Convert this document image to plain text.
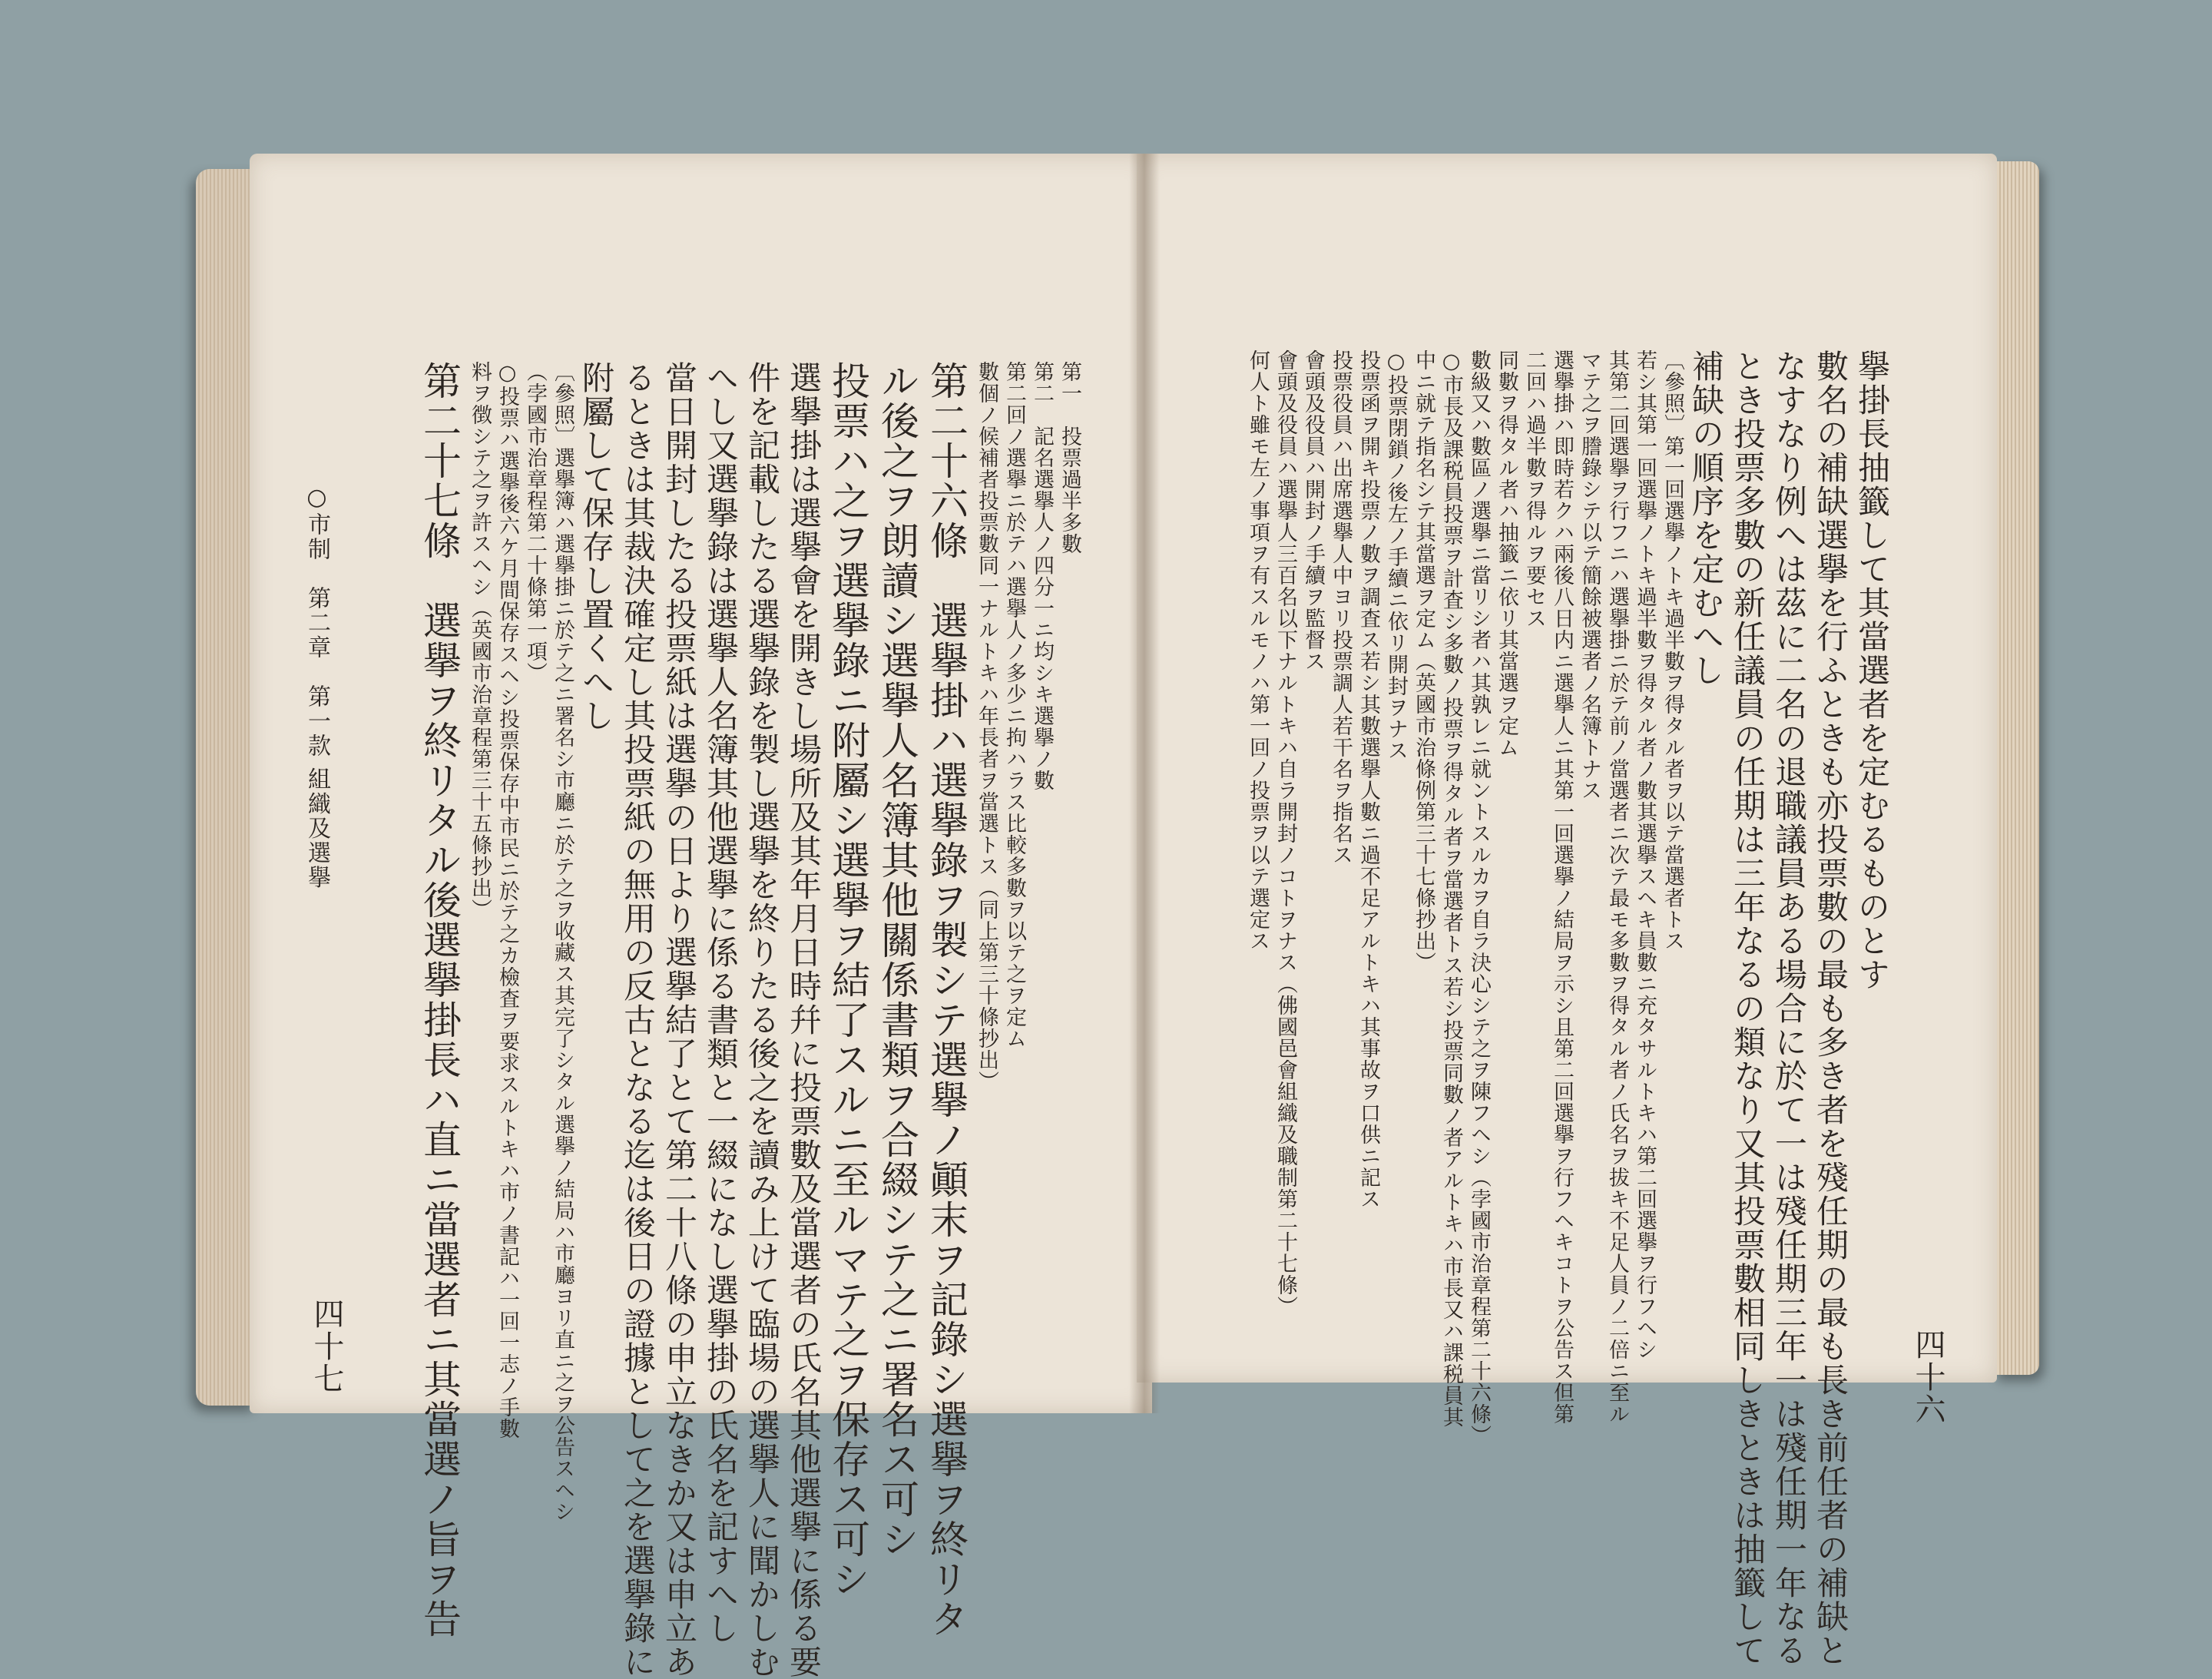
第一　投票過半多數
第二　記名選擧人ノ四分一ニ均シキ選擧ノ數
第二回ノ選擧ニ於テハ選擧人ノ多少ニ拘ハラス比較多數ヲ以テ之ヲ定ム
數個ノ候補者投票數同一ナルトキハ年長者ヲ當選トス（同上第三十條抄出）
第二十六條　選擧掛ハ選擧錄ヲ製シテ選擧ノ顚末ヲ記錄シ選擧ヲ終リタ
ル後之ヲ朗讀シ選擧人名簿其他關係書類ヲ合綴シテ之ニ署名ス可シ
投票ハ之ヲ選擧錄ニ附屬シ選擧ヲ結了スルニ至ルマテ之ヲ保存ス可シ
選擧掛は選擧會を開きし場所及其年月日時幷に投票數及當選者の氏名其他選擧に係る要
件を記載したる選擧錄を製し選擧を終りたる後之を讀み上けて臨場の選擧人に聞かしむ
へし又選擧錄は選擧人名簿其他選擧に係る書類と一綴になし選擧掛の氏名を記すへし
當日開封したる投票紙は選擧の日より選擧結了とて第二十八條の申立なきか又は申立あ
るときは其裁決確定し其投票紙の無用の反古となる迄は後日の證據として之を選擧錄に
附屬して保存し置くへし
〔參照〕選擧簿ハ選擧掛ニ於テ之ニ署名シ市廳ニ於テ之ヲ收藏ス其完了シタル選擧ノ結局ハ市廳ヨリ直ニ之ヲ公告スヘシ
（孛國市治章程第二十條第一項）
○投票ハ選擧後六ケ月間保存スヘシ投票保存中市民ニ於テ之カ檢査ヲ要求スルトキハ市ノ書記ハ一回一志ノ手數
料ヲ徴シテ之ヲ許スヘシ（英國市治章程第三十五條抄出）
第二十七條　選擧ヲ終リタル後選擧掛長ハ直ニ當選者ニ其當選ノ旨ヲ告
四十七
○市制　第二章　第一款 組織及選擧	擧掛長抽籤して其當選者を定むるものとす
數名の補缺選擧を行ふときも亦投票數の最も多き者を殘任期の最も長き前任者の補缺と
なすなり例へは茲に二名の退職議員ある場合に於て一は殘任期三年一は殘任期一年なる
とき投票多數の新任議員の任期は三年なるの類なり又其投票數相同しきときは抽籤して
補缺の順序を定むへし
〔參照〕第一回選擧ノトキ過半數ヲ得タル者ヲ以テ當選者トス
若シ其第一回選擧ノトキ過半數ヲ得タル者ノ數其選擧スヘキ員數ニ充タサルトキハ第二回選擧ヲ行フヘシ
其第二回選擧ヲ行フニハ選擧掛ニ於テ前ノ當選者ニ次テ最モ多數ヲ得タル者ノ氏名ヲ拔キ不足人員ノ二倍ニ至ル
マテ之ヲ謄錄シテ以テ簡餘被選者ノ名簿トナス
選擧掛ハ即時若クハ兩後八日内ニ選擧人ニ其第一回選擧ノ結局ヲ示シ且第二回選擧ヲ行フヘキコトヲ公告ス但第
二回ハ過半數ヲ得ルヲ要セス
同數ヲ得タル者ハ抽籤ニ依リ其當選ヲ定ム
數級又ハ數區ノ選擧ニ當リシ者ハ其孰レニ就ントスルカヲ自ラ決心シテ之ヲ陳フヘシ（孛國市治章程第二十六條）
○市長及課税員投票ヲ計査シ多數ノ投票ヲ得タル者ヲ當選者トス若シ投票同數ノ者アルトキハ市長又ハ課税員其
中ニ就テ指名シテ其當選ヲ定ム（英國市治條例第三十七條抄出）
○投票閉鎖ノ後左ノ手續ニ依リ開封ヲナス
投票函ヲ開キ投票ノ數ヲ調査ス若シ其數選擧人數ニ過不足アルトキハ其事故ヲ口供ニ記ス
投票役員ハ出席選擧人中ヨリ投票調人若干名ヲ指名ス
會頭及役員ハ開封ノ手續ヲ監督ス
會頭及役員ハ選擧人三百名以下ナルトキハ自ラ開封ノコトヲナス（佛國邑會組織及職制第二十七條）
何人ト雖モ左ノ事項ヲ有スルモノハ第一回ノ投票ヲ以テ選定ス
四十六
